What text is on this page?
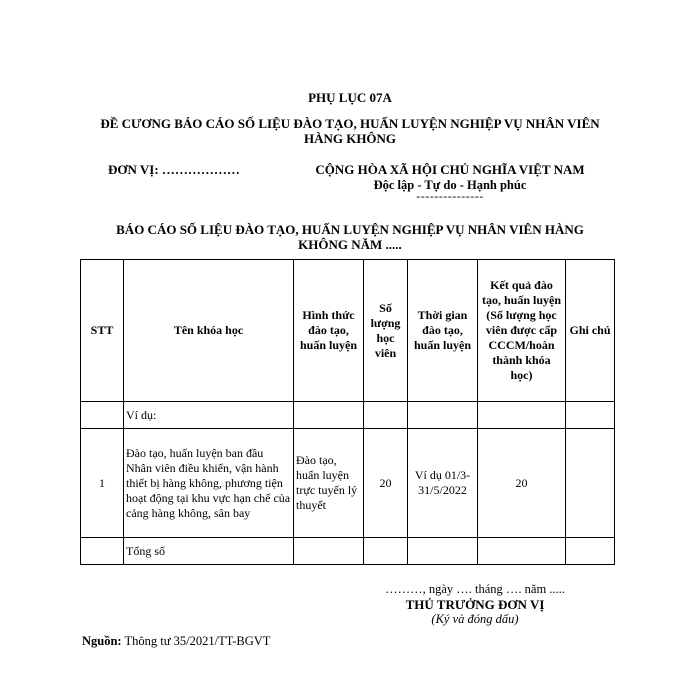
PHỤ LỤC 07A
ĐỀ CƯƠNG BÁO CÁO SỐ LIỆU ĐÀO TẠO, HUẤN LUYỆN NGHIỆP VỤ NHÂN VIÊN
HÀNG KHÔNG
ĐƠN VỊ: ………………	CỘNG HÒA XÃ HỘI CHỦ NGHĨA VIỆT NAM
Độc lập - Tự do - Hạnh phúc
---------------
BÁO CÁO SỐ LIỆU ĐÀO TẠO, HUẤN LUYỆN NGHIỆP VỤ NHÂN VIÊN HÀNG
KHÔNG NĂM .....
STT	Tên khóa học	Hình thức đào tạo, huấn luyện	Số lượng học viên	Thời gian đào tạo, huấn luyện	Kết quả đào tạo, huấn luyện (Số lượng học viên được cấp CCCM/hoàn thành khóa học)	Ghi chú
	Ví dụ:					
1	Đào tạo, huấn luyện ban đầu Nhân viên điều khiển, vận hành thiết bị hàng không, phương tiện hoạt động tại khu vực hạn chế của cảng hàng không, sân bay	Đào tạo, huấn luyện trực tuyến lý thuyết	20	Ví dụ 01/3-31/5/2022	20	
	Tổng số					
………, ngày …. tháng …. năm .....
THỦ TRƯỞNG ĐƠN VỊ
(Ký và đóng dấu)
Nguồn: Thông tư 35/2021/TT-BGVT
